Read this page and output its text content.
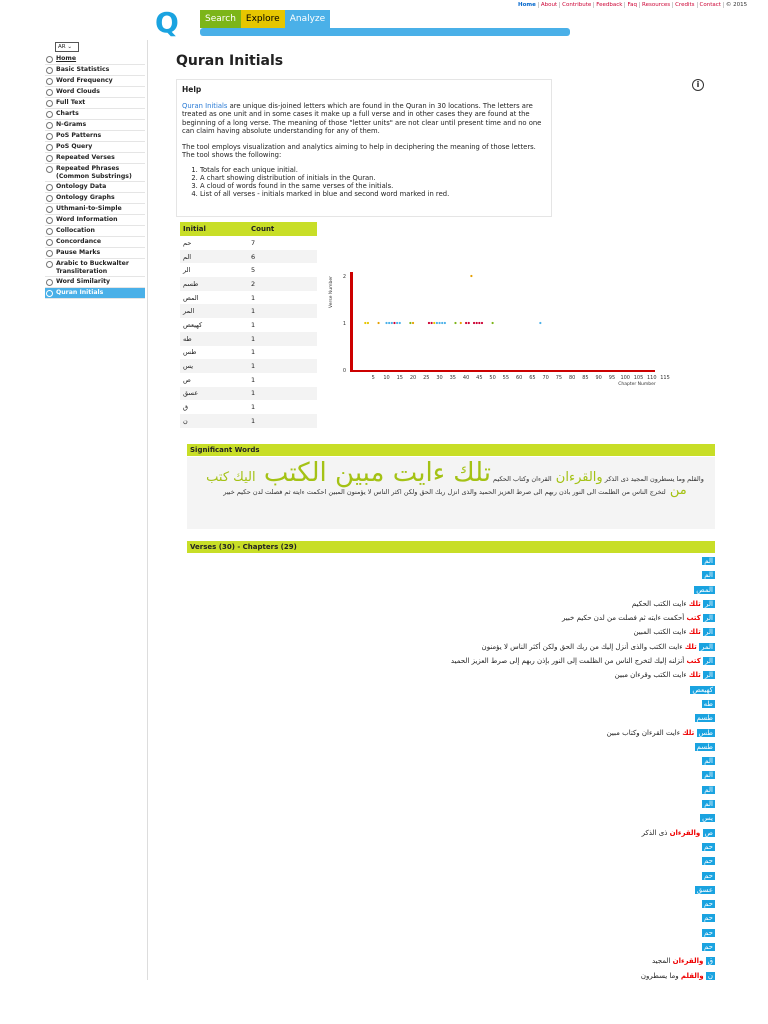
Home About Contribute Feedback Faq Resources Credits Contact © 2015
Q	Search	Explore	Analyze
AR ⌄
Home
Basic Statistics
Word Frequency
Word Clouds
Full Text
Charts
N-Grams
PoS Patterns
PoS Query
Repeated Verses
Repeated Phrases (Common Substrings)
Ontology Data
Ontology Graphs
Uthmani-to-Simple
Word Information
Collocation
Concordance
Pause Marks
Arabic to Buckwalter Transliteration
Word Similarity
Quran Initials
Quran Initials
i
Help

Quran Initials are unique dis-joined letters which are found in the Quran in 30 locations. The letters are treated as one unit and in some cases it make up a full verse and in other cases they are found at the beginning of a long verse. The meaning of those "letter units" are not clear until present time and no one can claim having absolute understanding for any of them.

The tool employs visualization and analytics aiming to help in deciphering the meaning of those letters. The tool shows the following:

1. Totals for each unique initial.
2. A chart showing distribution of initials in the Quran.
3. A cloud of words found in the same verses of the initials.
4. List of all verses - initials marked in blue and second word marked in red.
Initial	Count
حم	7
الم	6
الر	5
طسم	2
المص	1
المر	1
كهيعص	1
طه	1
طس	1
يس	1
ص	1
عسق	1
ق	1
ن	1
0
1
2
5 10 15 20 25 30 35 40 45 50 55 60 65 70 75 80 85 90 95 100 105 110 115
Verse Number
Chapter Number
Significant Words
والقلم وما يسطرون المجيد ذى الذكر والقرءان القرءان وكتاب الحكيم تلك ءايت مبين الكتب اليك كتب من لتخرج الناس من الظلمت الى النور باذن ربهم الى صرط العزيز الحميد والذى انزل ربك الحق ولكن اكثر الناس لا يؤمنون المبين احكمت ءايته ثم فصلت لدن حكيم خبير
Verses (30) - Chapters (29)
الم
الم
المص
الر تلك ءايت الكتب الحكيم
الر كتب أحكمت ءايته ثم فصلت من لدن حكيم خبير
الر تلك ءايت الكتب المبين
المر تلك ءايت الكتب والذى أنزل إليك من ربك الحق ولكن أكثر الناس لا يؤمنون
الر كتب أنزلنه إليك لتخرج الناس من الظلمت إلى النور بإذن ربهم إلى صرط العزيز الحميد
الر تلك ءايت الكتب وقرءان مبين
كهيعص
طه
طسم
طس تلك ءايت القرءان وكتاب مبين
طسم
الم
الم
الم
الم
يس
ص والقرءان ذى الذكر
حم
حم
حم
عسق
حم
حم
حم
حم
ق والقرءان المجيد
ن والقلم وما يسطرون
